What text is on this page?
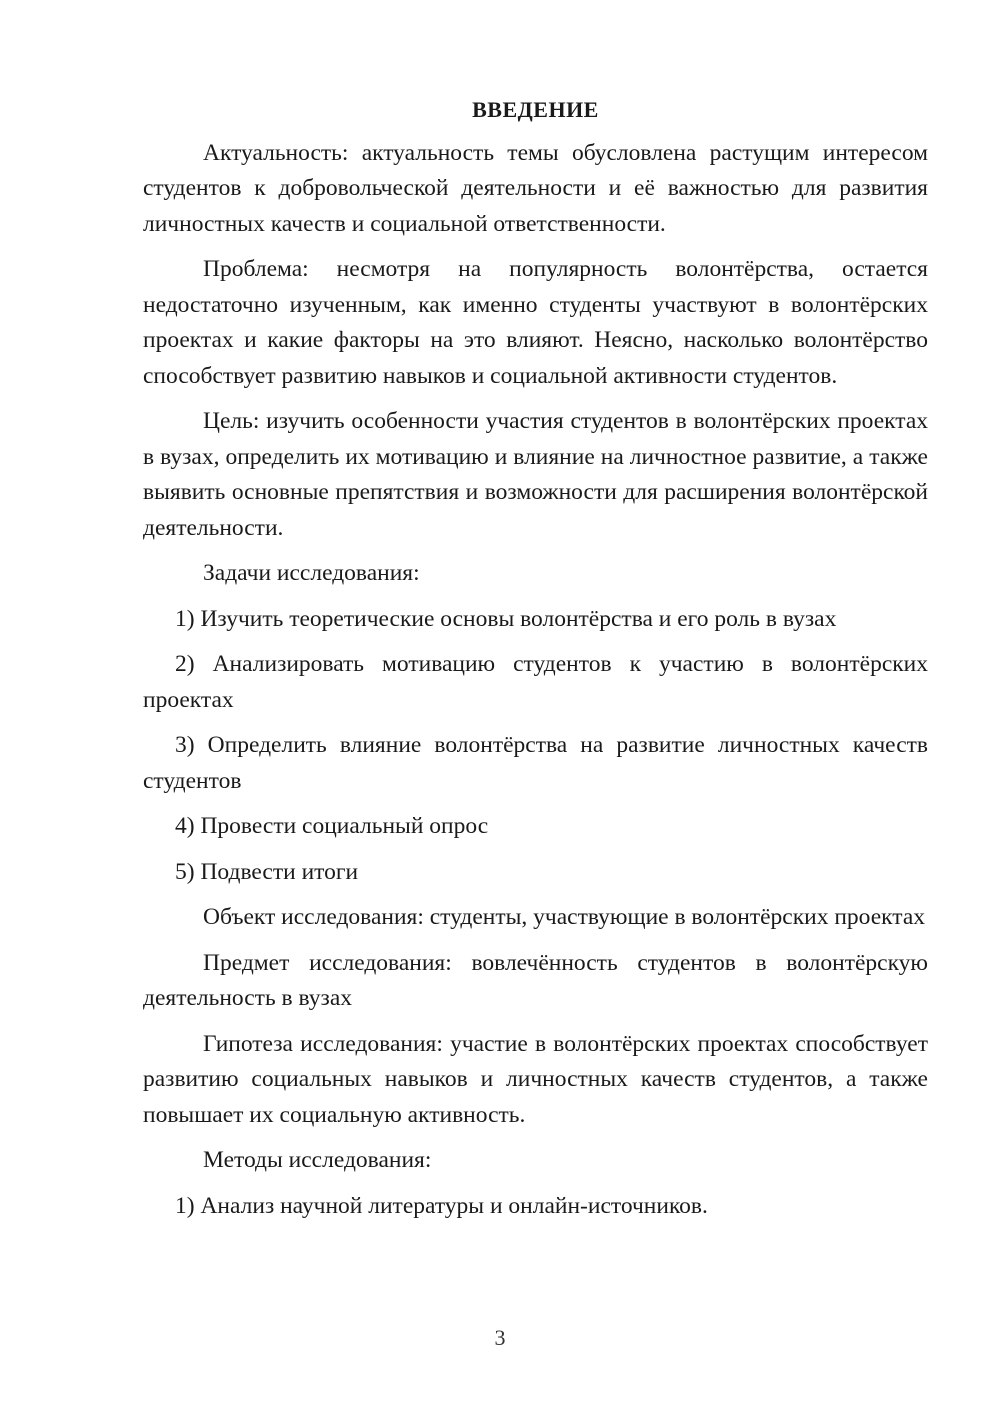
ВВЕДЕНИЕ

Актуальность: актуальность темы обусловлена растущим интересом студентов к добровольческой деятельности и её важностью для развития личностных качеств и социальной ответственности.

Проблема: несмотря на популярность волонтёрства, остается недостаточно изученным, как именно студенты участвуют в волонтёрских проектах и какие факторы на это влияют. Неясно, насколько волонтёрство способствует развитию навыков и социальной активности студентов.

Цель: изучить особенности участия студентов в волонтёрских проектах в вузах, определить их мотивацию и влияние на личностное развитие, а также выявить основные препятствия и возможности для расширения волонтёрской деятельности.

Задачи исследования:

1) Изучить теоретические основы волонтёрства и его роль в вузах

2) Анализировать мотивацию студентов к участию в волонтёрских проектах

3) Определить влияние волонтёрства на развитие личностных качеств студентов

4) Провести социальный опрос

5) Подвести итоги

Объект исследования: студенты, участвующие в волонтёрских проектах

Предмет исследования: вовлечённость студентов в волонтёрскую деятельность в вузах

Гипотеза исследования: участие в волонтёрских проектах способствует развитию социальных навыков и личностных качеств студентов, а также повышает их социальную активность.

Методы исследования:

1) Анализ научной литературы и онлайн-источников.

3
